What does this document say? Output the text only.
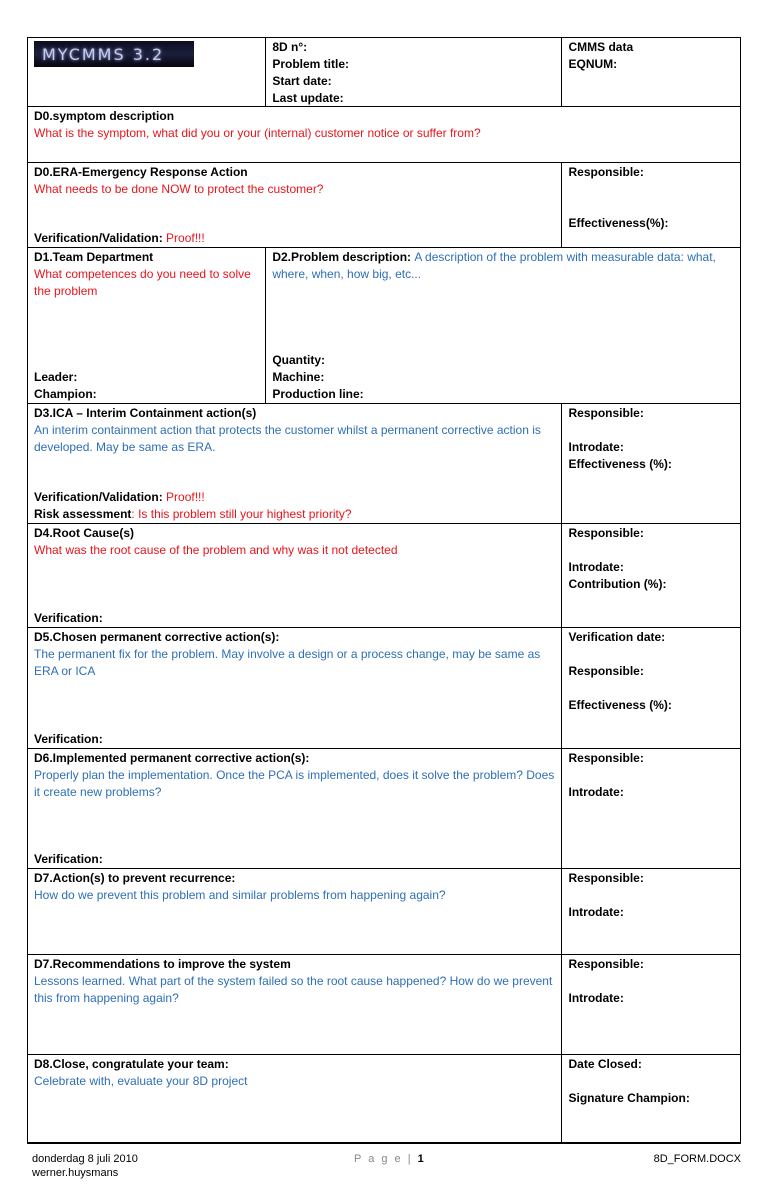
MYCMMS 3.2	8D n°:
Problem title:
Start date:
Last update:
CMMS data
EQNUM:
D0.symptom description
What is the symptom, what did you or your (internal) customer notice or suffer from?
D0.ERA-Emergency Response Action
What needs to be done NOW to protect the customer?
Verification/Validation: Proof!!!
Responsible:
Effectiveness(%):
D1.Team Department
What competences do you need to solve the problem
Leader:
Champion:
D2.Problem description: A description of the problem with measurable data: what, where, when, how big, etc...
Quantity:
Machine:
Production line:
D3.ICA – Interim Containment action(s)
An interim containment action that protects the customer whilst a permanent corrective action is developed. May be same as ERA.
Verification/Validation: Proof!!!
Risk assessment: Is this problem still your highest priority?
Responsible:
Introdate:
Effectiveness (%):
D4.Root Cause(s)
What was the root cause of the problem and why was it not detected
Verification:
Responsible:
Introdate:
Contribution (%):
D5.Chosen permanent corrective action(s):
The permanent fix for the problem. May involve a design or a process change, may be same as ERA or ICA
Verification:
Verification date:
Responsible:
Effectiveness (%):
D6.Implemented permanent corrective action(s):
Properly plan the implementation. Once the PCA is implemented, does it solve the problem? Does it create new problems?
Verification:
Responsible:
Introdate:
D7.Action(s) to prevent recurrence:
How do we prevent this problem and similar problems from happening again?
Responsible:
Introdate:
D7.Recommendations to improve the system
Lessons learned. What part of the system failed so the root cause happened? How do we prevent this from happening again?
Responsible:
Introdate:
D8.Close, congratulate your team:
Celebrate with, evaluate your 8D project
Date Closed:
Signature Champion:
donderdag 8 juli 2010
werner.huysmans
P a g e | 1	8D_FORM.DOCX
